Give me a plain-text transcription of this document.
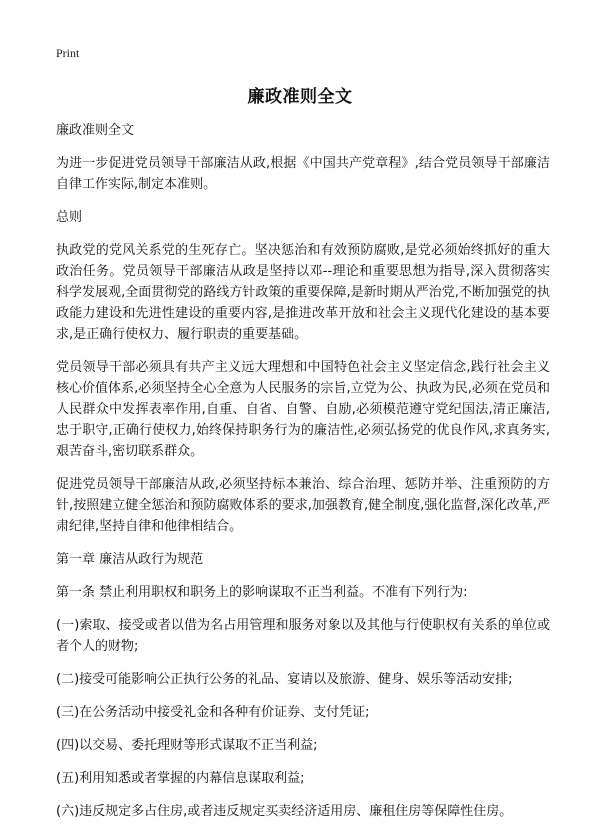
Print
廉政准则全文

廉政准则全文

为进一步促进党员领导干部廉洁从政,根据《中国共产党章程》,结合党员领导干部廉洁自律工作实际,制定本准则。

总则

执政党的党风关系党的生死存亡。坚决惩治和有效预防腐败,是党必须始终抓好的重大政治任务。党员领导干部廉洁从政是坚持以邓--理论和重要思想为指导,深入贯彻落实科学发展观,全面贯彻党的路线方针政策的重要保障,是新时期从严治党,不断加强党的执政能力建设和先进性建设的重要内容,是推进改革开放和社会主义现代化建设的基本要求,是正确行使权力、履行职责的重要基础。

党员领导干部必须具有共产主义远大理想和中国特色社会主义坚定信念,践行社会主义核心价值体系,必须坚持全心全意为人民服务的宗旨,立党为公、执政为民,必须在党员和人民群众中发挥表率作用,自重、自省、自警、自励,必须模范遵守党纪国法,清正廉洁,忠于职守,正确行使权力,始终保持职务行为的廉洁性,必须弘扬党的优良作风,求真务实,艰苦奋斗,密切联系群众。

促进党员领导干部廉洁从政,必须坚持标本兼治、综合治理、惩防并举、注重预防的方针,按照建立健全惩治和预防腐败体系的要求,加强教育,健全制度,强化监督,深化改革,严肃纪律,坚持自律和他律相结合。

第一章 廉洁从政行为规范

第一条 禁止利用职权和职务上的影响谋取不正当利益。不准有下列行为:

(一)索取、接受或者以借为名占用管理和服务对象以及其他与行使职权有关系的单位或者个人的财物;

(二)接受可能影响公正执行公务的礼品、宴请以及旅游、健身、娱乐等活动安排;

(三)在公务活动中接受礼金和各种有价证券、支付凭证;

(四)以交易、委托理财等形式谋取不正当利益;

(五)利用知悉或者掌握的内幕信息谋取利益;

(六)违反规定多占住房,或者违反规定买卖经济适用房、廉租住房等保障性住房。
